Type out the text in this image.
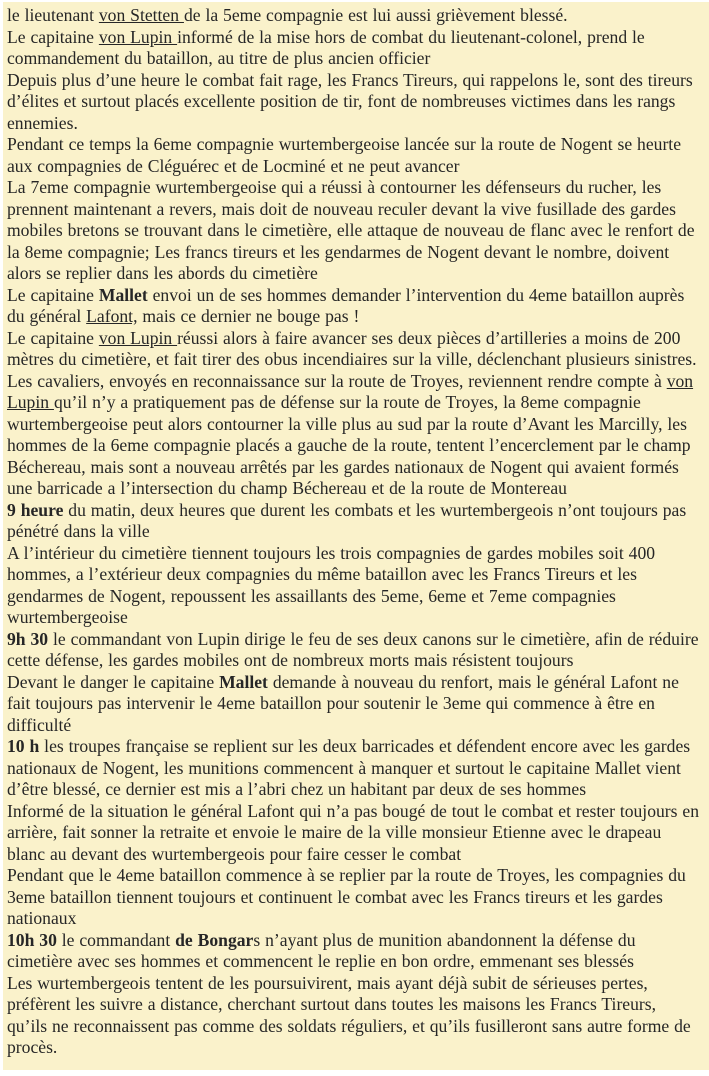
le lieutenant von Stetten de la 5eme compagnie est lui aussi grièvement blessé.

Le capitaine von Lupin informé de la mise hors de combat du lieutenant-colonel, prend le commandement du bataillon, au titre de plus ancien officier

Depuis plus d’une heure le combat fait rage, les Francs Tireurs, qui rappelons le, sont des tireurs d’élites et surtout placés excellente position de tir, font de nombreuses victimes dans les rangs ennemies.

Pendant ce temps la 6eme compagnie wurtembergeoise lancée sur la route de Nogent se heurte aux compagnies de Cléguérec et de Locminé et ne peut avancer

La 7eme compagnie wurtembergeoise qui a réussi à contourner les défenseurs du rucher, les prennent maintenant a revers, mais doit de nouveau reculer devant la vive fusillade des gardes mobiles bretons se trouvant dans le cimetière, elle attaque de nouveau de flanc avec le renfort de la 8eme compagnie; Les francs tireurs et les gendarmes de Nogent devant le nombre, doivent alors se replier dans les abords du cimetière

Le capitaine Mallet envoi un de ses hommes demander l’intervention du 4eme bataillon auprès du général Lafont, mais ce dernier ne bouge pas !

Le capitaine von Lupin réussi alors à faire avancer ses deux pièces d’artilleries a moins de 200 mètres du cimetière, et fait tirer des obus incendiaires sur la ville, déclenchant plusieurs sinistres.

Les cavaliers, envoyés en reconnaissance sur la route de Troyes, reviennent rendre compte à von Lupin qu’il n’y a pratiquement pas de défense sur la route de Troyes, la 8eme compagnie wurtembergeoise peut alors contourner la ville plus au sud par la route d’Avant les Marcilly, les hommes de la 6eme compagnie placés a gauche de la route, tentent l’encerclement par le champ Béchereau, mais sont a nouveau arrêtés par les gardes nationaux de Nogent qui avaient formés une barricade a l’intersection du champ Béchereau et de la route de Montereau

9 heure du matin, deux heures que durent les combats et les wurtembergeois n’ont toujours pas pénétré dans la ville

A l’intérieur du cimetière tiennent toujours les trois compagnies de gardes mobiles soit 400 hommes, a l’extérieur deux compagnies du même bataillon avec les Francs Tireurs et les gendarmes de Nogent, repoussent les assaillants des 5eme, 6eme et 7eme compagnies wurtembergeoise

9h 30 le commandant von Lupin dirige le feu de ses deux canons sur le cimetière, afin de réduire cette défense, les gardes mobiles ont de nombreux morts mais résistent toujours

Devant le danger le capitaine Mallet demande à nouveau du renfort, mais le général Lafont ne fait toujours pas intervenir le 4eme bataillon pour soutenir le 3eme qui commence à être en difficulté

10 h les troupes française se replient sur les deux barricades et défendent encore avec les gardes nationaux de Nogent, les munitions commencent à manquer et surtout le capitaine Mallet vient d’être blessé, ce dernier est mis a l’abri chez un habitant par deux de ses hommes

Informé de la situation le général Lafont qui n’a pas bougé de tout le combat et rester toujours en arrière, fait sonner la retraite et envoie le maire de la ville monsieur Etienne avec le drapeau blanc au devant des wurtembergeois pour faire cesser le combat

Pendant que le 4eme bataillon commence à se replier par la route de Troyes, les compagnies du 3eme bataillon tiennent toujours et continuent le combat avec les Francs tireurs et les gardes nationaux

10h 30 le commandant de Bongars n’ayant plus de munition abandonnent la défense du cimetière avec ses hommes et commencent le replie en bon ordre, emmenant ses blessés

Les wurtembergeois tentent de les poursuivirent, mais ayant déjà subit de sérieuses pertes, préfèrent les suivre a distance, cherchant surtout dans toutes les maisons les Francs Tireurs, qu’ils ne reconnaissent pas comme des soldats réguliers, et qu’ils fusilleront sans autre forme de procès.
